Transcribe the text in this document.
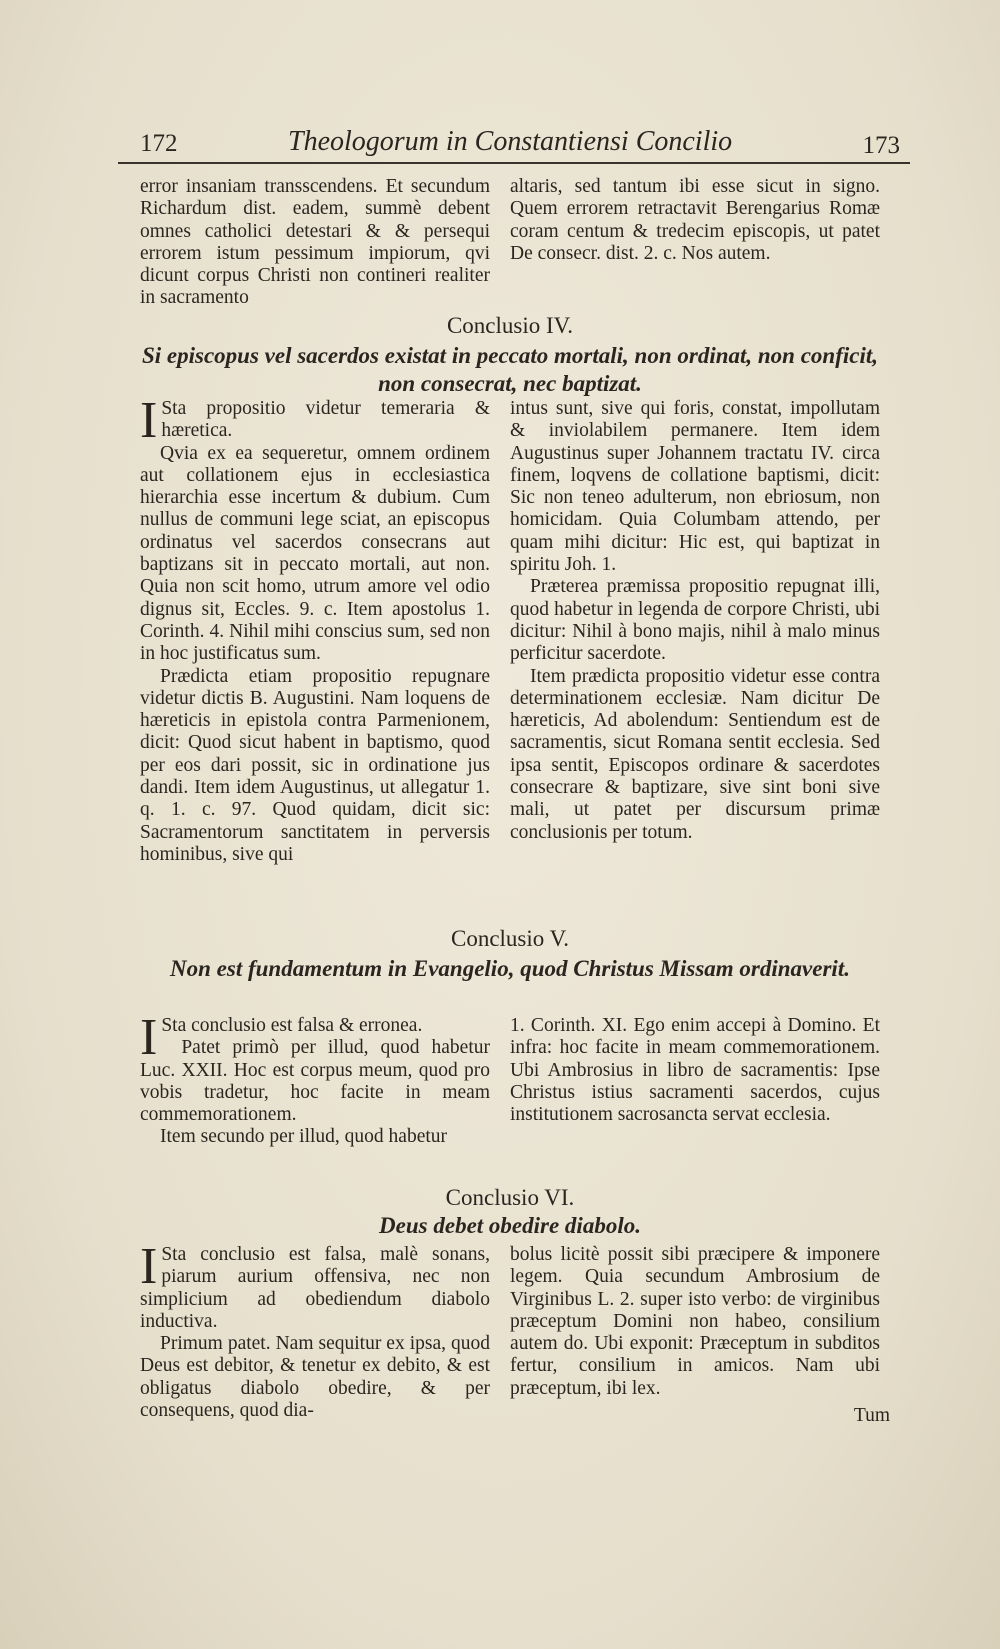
172	Theologorum in Constantiensi Concilio	173

error insaniam transscendens. Et secundum Richardum dist. eadem, summè debent omnes catholici detestari & & persequi errorem istum pessimum impiorum, qvi dicunt corpus Christi non contineri realiter in sacramento

altaris, sed tantum ibi esse sicut in signo. Quem errorem retractavit Berengarius Romæ coram centum & tredecim episcopis, ut patet De consecr. dist. 2. c. Nos autem.

Conclusio IV.
Si episcopus vel sacerdos existat in peccato mortali, non ordinat, non conficit, non consecrat, nec baptizat.

I Sta propositio videtur temeraria & hæretica.

Qvia ex ea sequeretur, omnem ordinem aut collationem ejus in ecclesiastica hierarchia esse incertum & dubium. Cum nullus de communi lege sciat, an episcopus ordinatus vel sacerdos consecrans aut baptizans sit in peccato mortali, aut non. Quia non scit homo, utrum amore vel odio dignus sit, Eccles. 9. c. Item apostolus 1. Corinth. 4. Nihil mihi conscius sum, sed non in hoc justificatus sum.

Prædicta etiam propositio repugnare videtur dictis B. Augustini. Nam loquens de hæreticis in epistola contra Parmenionem, dicit: Quod sicut habent in baptismo, quod per eos dari possit, sic in ordinatione jus dandi. Item idem Augustinus, ut allegatur 1. q. 1. c. 97. Quod quidam, dicit sic: Sacramentorum sanctitatem in perversis hominibus, sive qui

intus sunt, sive qui foris, constat, impollutam & inviolabilem permanere. Item idem Augustinus super Johannem tractatu IV. circa finem, loqvens de collatione baptismi, dicit: Sic non teneo adulterum, non ebriosum, non homicidam. Quia Columbam attendo, per quam mihi dicitur: Hic est, qui baptizat in spiritu Joh. 1.

Præterea præmissa propositio repugnat illi, quod habetur in legenda de corpore Christi, ubi dicitur: Nihil à bono majis, nihil à malo minus perficitur sacerdote.

Item prædicta propositio videtur esse contra determinationem ecclesiæ. Nam dicitur De hæreticis, Ad abolendum: Sentiendum est de sacramentis, sicut Romana sentit ecclesia. Sed ipsa sentit, Episcopos ordinare & sacerdotes consecrare & baptizare, sive sint boni sive mali, ut patet per discursum primæ conclusionis per totum.

Conclusio V.
Non est fundamentum in Evangelio, quod Christus Missam ordinaverit.

I Sta conclusio est falsa & erronea.

Patet primò per illud, quod habetur Luc. XXII. Hoc est corpus meum, quod pro vobis tradetur, hoc facite in meam commemorationem.

Item secundo per illud, quod habetur

1. Corinth. XI. Ego enim accepi à Domino. Et infra: hoc facite in meam commemorationem. Ubi Ambrosius in libro de sacramentis: Ipse Christus istius sacramenti sacerdos, cujus institutionem sacrosancta servat ecclesia.

Conclusio VI.
Deus debet obedire diabolo.

I Sta conclusio est falsa, malè sonans, piarum aurium offensiva, nec non simplicium ad obediendum diabolo inductiva.

Primum patet. Nam sequitur ex ipsa, quod Deus est debitor, & tenetur ex debito, & est obligatus diabolo obedire, & per consequens, quod dia-

bolus licitè possit sibi præcipere & imponere legem. Quia secundum Ambrosium de Virginibus L. 2. super isto verbo: de virginibus præceptum Domini non habeo, consilium autem do. Ubi exponit: Præceptum in subditos fertur, consilium in amicos. Nam ubi præceptum, ibi lex.

Tum
